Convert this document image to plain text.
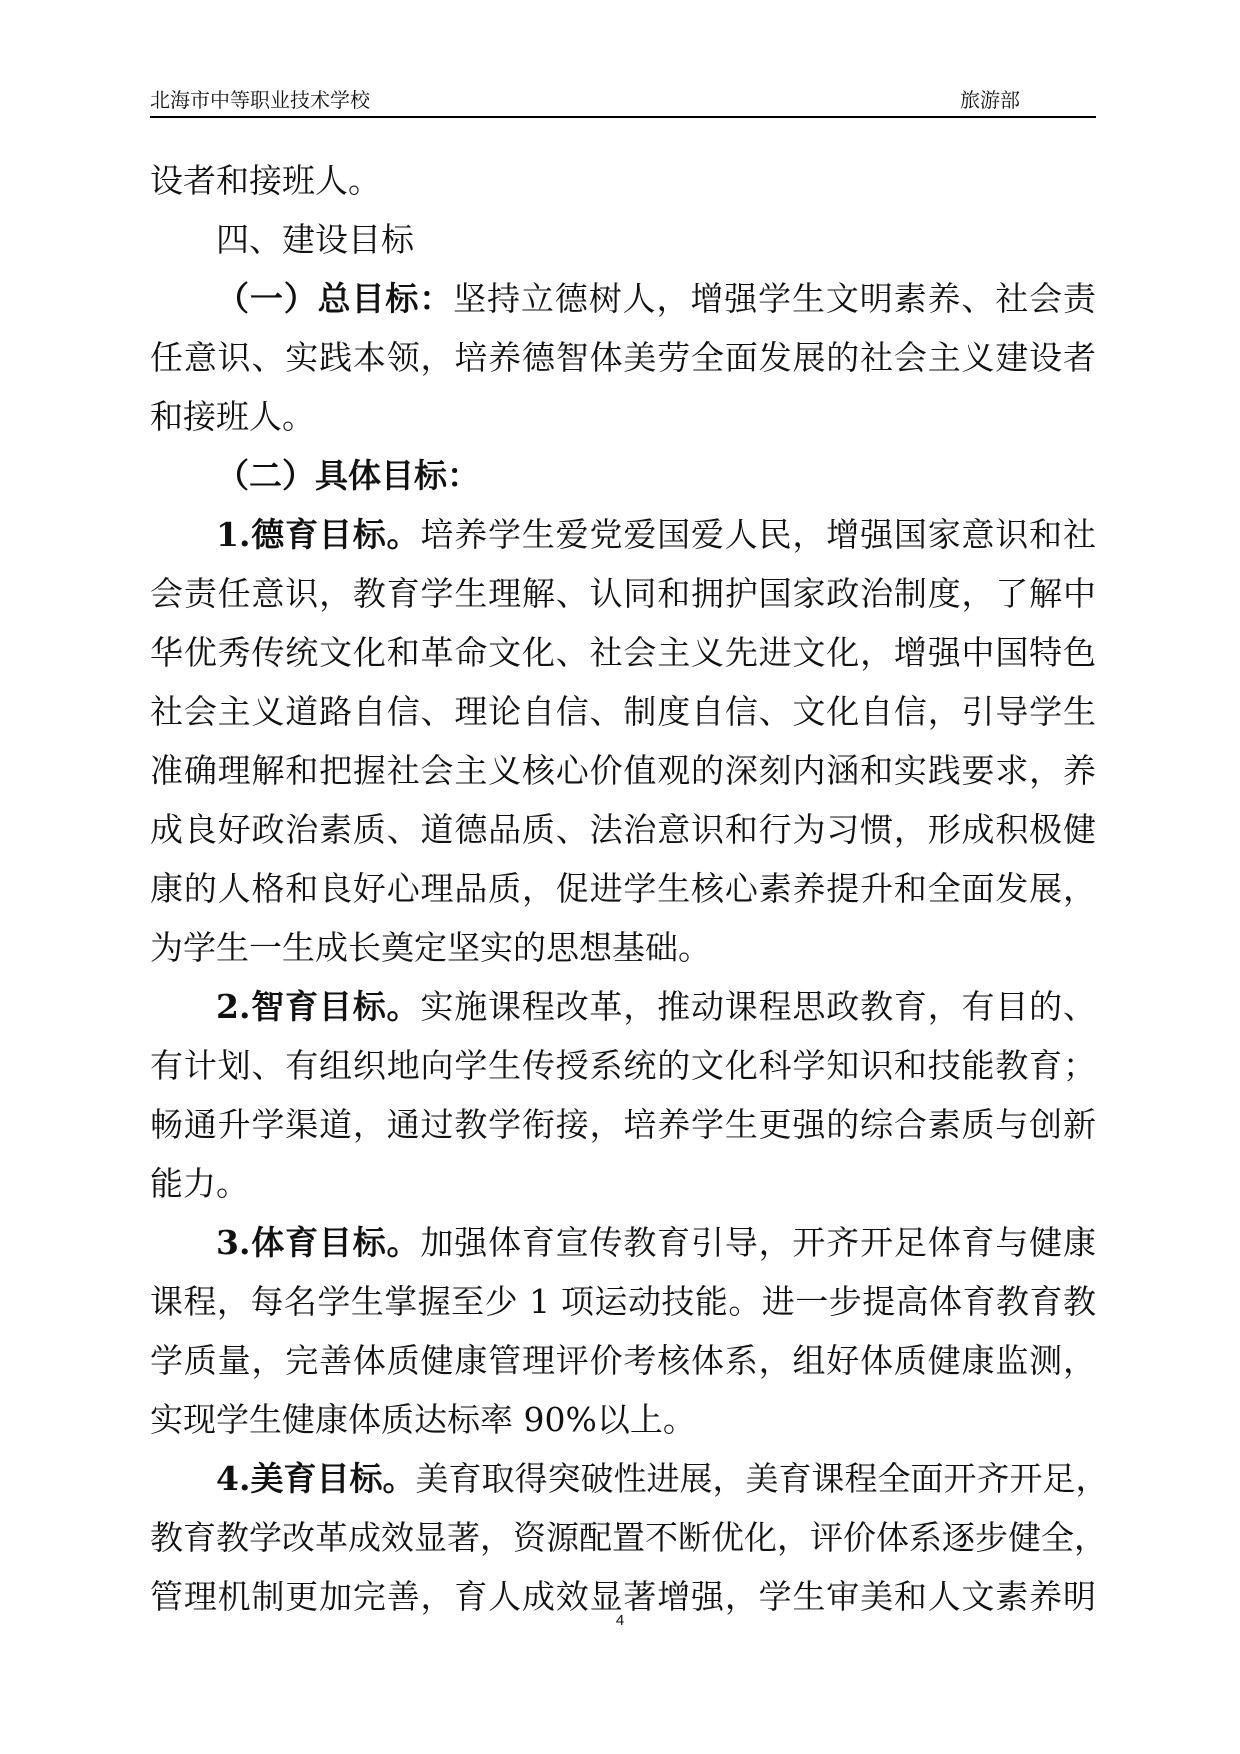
北海市中等职业技术学校	旅游部
设者和接班人。
四、建设目标
（一）总目标：坚持立德树人，增强学生文明素养、社会责
任意识、实践本领，培养德智体美劳全面发展的社会主义建设者
和接班人。
（二）具体目标：
1.德育目标。培养学生爱党爱国爱人民，增强国家意识和社
会责任意识，教育学生理解、认同和拥护国家政治制度，了解中
华优秀传统文化和革命文化、社会主义先进文化，增强中国特色
社会主义道路自信、理论自信、制度自信、文化自信，引导学生
准确理解和把握社会主义核心价值观的深刻内涵和实践要求，养
成良好政治素质、道德品质、法治意识和行为习惯，形成积极健
康的人格和良好心理品质，促进学生核心素养提升和全面发展，
为学生一生成长奠定坚实的思想基础。
2.智育目标。实施课程改革，推动课程思政教育，有目的、
有计划、有组织地向学生传授系统的文化科学知识和技能教育；
畅通升学渠道，通过教学衔接，培养学生更强的综合素质与创新
能力。
3.体育目标。加强体育宣传教育引导，开齐开足体育与健康
课程，每名学生掌握至少 1 项运动技能。进一步提高体育教育教
学质量，完善体质健康管理评价考核体系，组好体质健康监测，
实现学生健康体质达标率 90%以上。
4.美育目标。美育取得突破性进展，美育课程全面开齐开足，
教育教学改革成效显著，资源配置不断优化，评价体系逐步健全，
管理机制更加完善，育人成效显著增强，学生审美和人文素养明
4
